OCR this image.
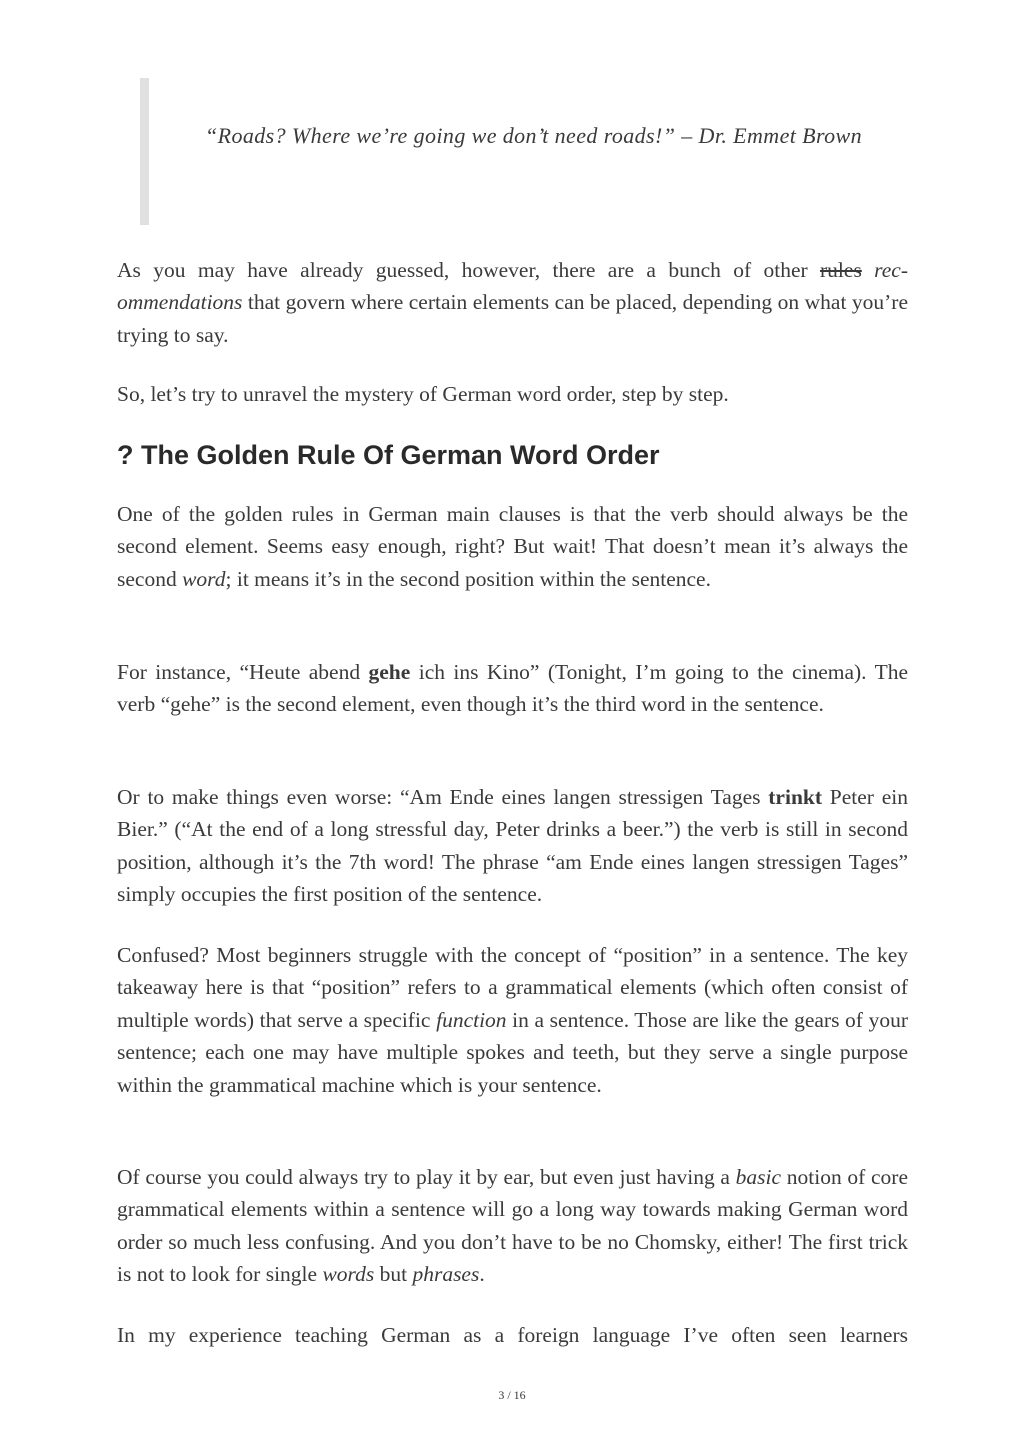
“Roads? Where we’re going we don’t need roads!” – Dr. Emmet Brown

As you may have already guessed, however, there are a bunch of other rules recommendations that govern where certain elements can be placed, depending on what you’re trying to say.

So, let’s try to unravel the mystery of German word order, step by step.

? The Golden Rule Of German Word Order

One of the golden rules in German main clauses is that the verb should always be the second element. Seems easy enough, right? But wait! That doesn’t mean it’s always the second word; it means it’s in the second position within the sentence.

For instance, “Heute abend gehe ich ins Kino” (Tonight, I’m going to the cinema). The verb “gehe” is the second element, even though it’s the third word in the sentence.

Or to make things even worse: “Am Ende eines langen stressigen Tages trinkt Peter ein Bier.” (“At the end of a long stressful day, Peter drinks a beer.”) the verb is still in second position, although it’s the 7th word! The phrase “am Ende eines langen stressigen Tages” simply occupies the first position of the sentence.

Confused? Most beginners struggle with the concept of “position” in a sentence. The key takeaway here is that “position” refers to a grammatical elements (which often consist of multiple words) that serve a specific function in a sentence. Those are like the gears of your sentence; each one may have multiple spokes and teeth, but they serve a single purpose within the grammatical machine which is your sentence.

Of course you could always try to play it by ear, but even just having a basic notion of core grammatical elements within a sentence will go a long way towards making German word order so much less confusing. And you don’t have to be no Chomsky, either! The first trick is not to look for single words but phrases.

In my experience teaching German as a foreign language I’ve often seen learners

3 / 16
